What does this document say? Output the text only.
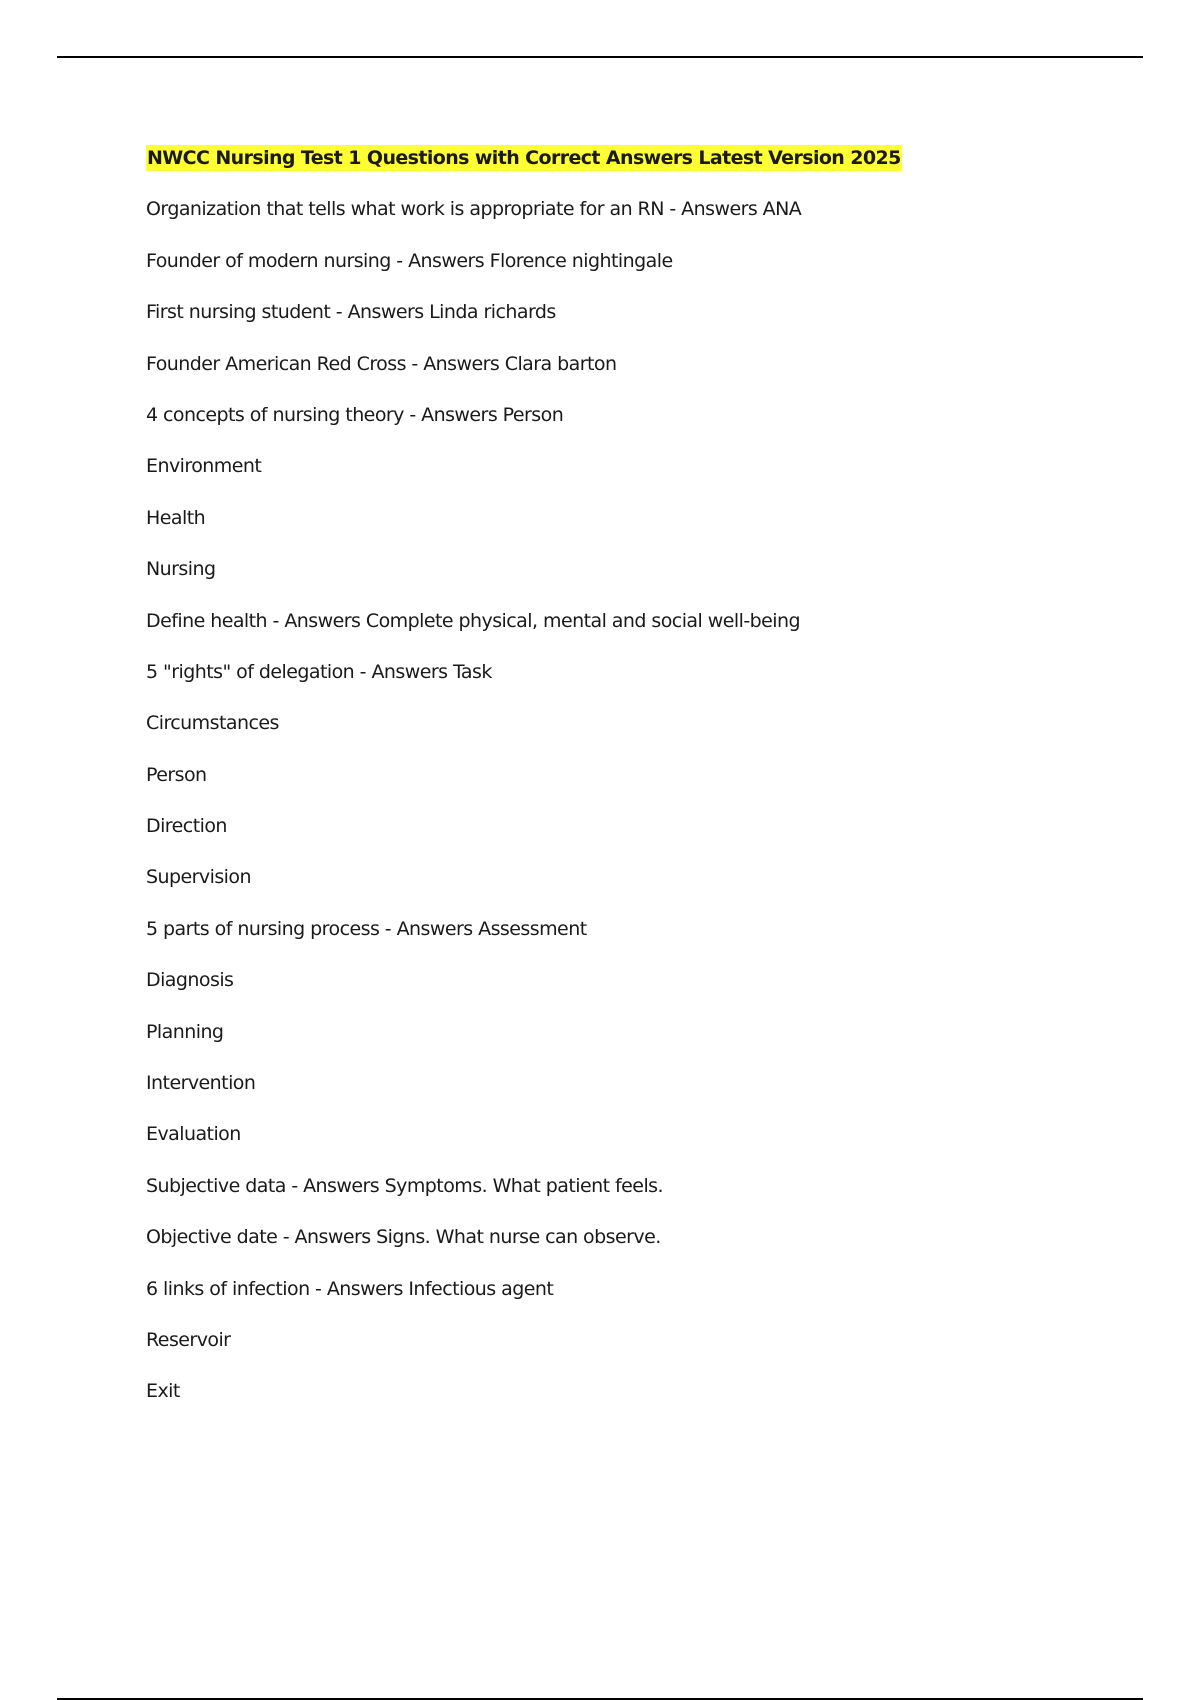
NWCC Nursing Test 1 Questions with Correct Answers Latest Version 2025
Organization that tells what work is appropriate for an RN - Answers ANA
Founder of modern nursing - Answers Florence nightingale
First nursing student - Answers Linda richards
Founder American Red Cross - Answers Clara barton
4 concepts of nursing theory - Answers Person
Environment
Health
Nursing
Define health - Answers Complete physical, mental and social well-being
5 "rights" of delegation - Answers Task
Circumstances
Person
Direction
Supervision
5 parts of nursing process - Answers Assessment
Diagnosis
Planning
Intervention
Evaluation
Subjective data - Answers Symptoms. What patient feels.
Objective date - Answers Signs. What nurse can observe.
6 links of infection - Answers Infectious agent
Reservoir
Exit
